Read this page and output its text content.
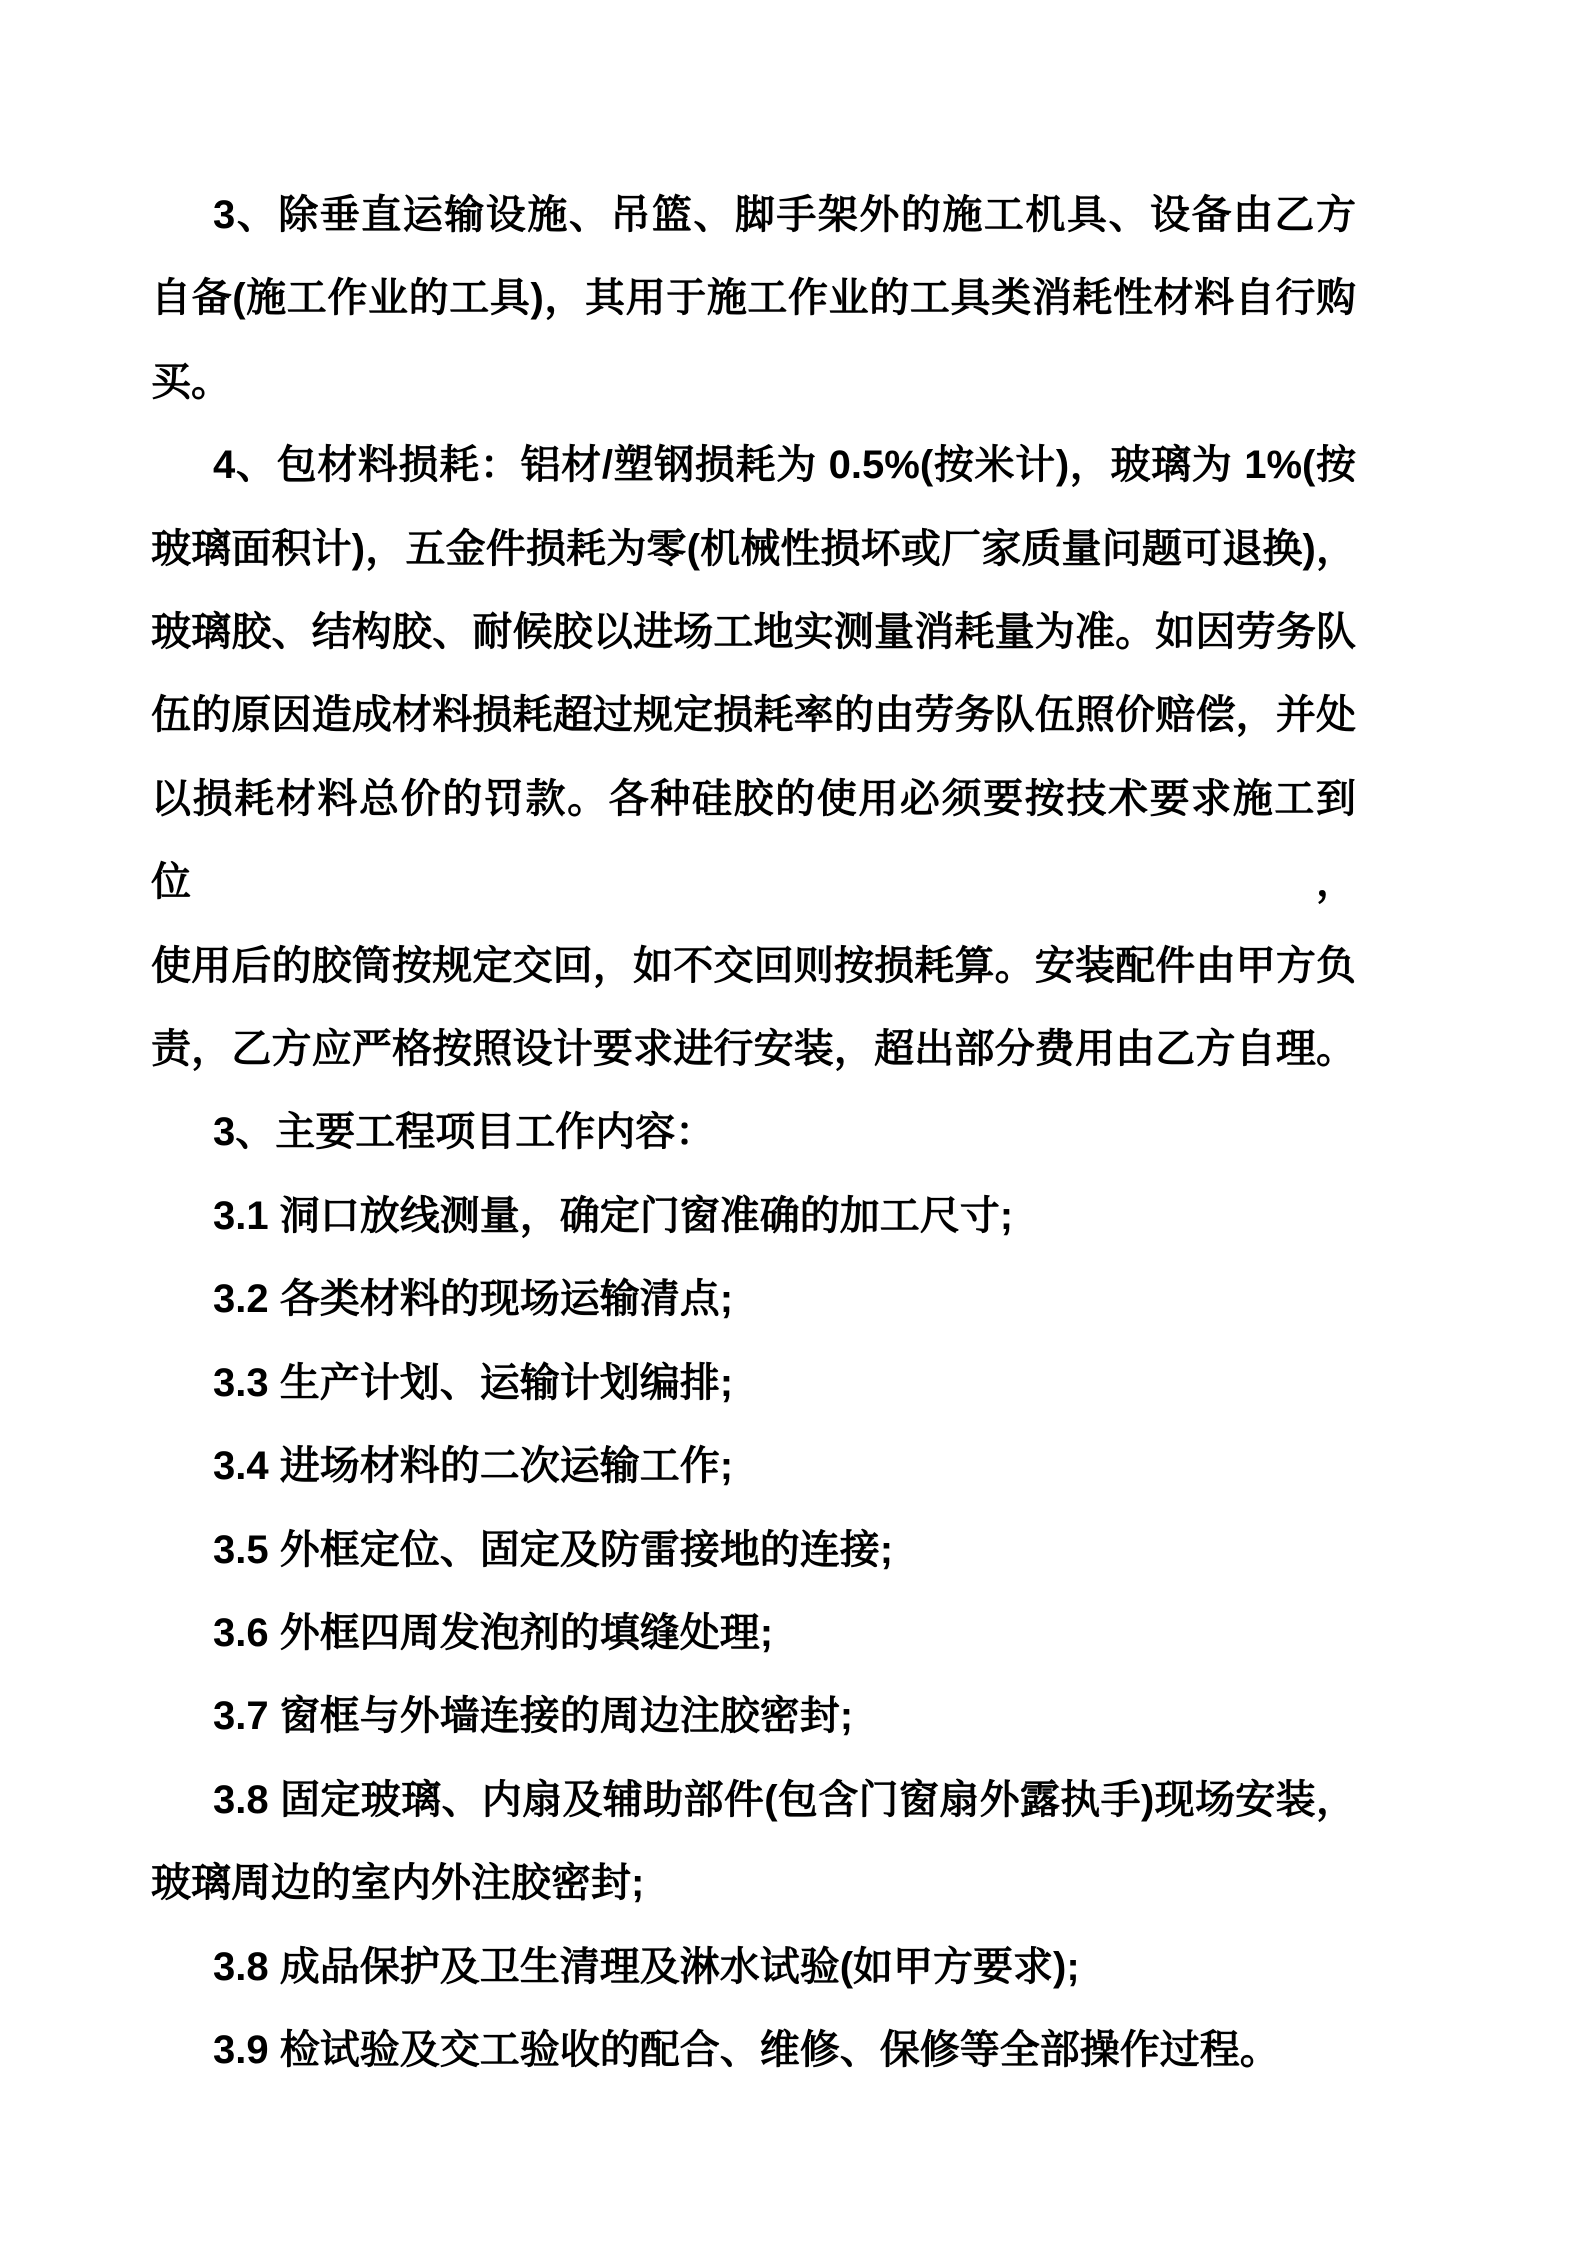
3、除垂直运输设施、吊篮、脚手架外的施工机具、设备由乙方
自备(施工作业的工具)，其用于施工作业的工具类消耗性材料自行购
买。
4、包材料损耗：铝材/塑钢损耗为 0.5%(按米计)，玻璃为 1%(按
玻璃面积计)，五金件损耗为零(机械性损坏或厂家质量问题可退换)，
玻璃胶、结构胶、耐候胶以进场工地实测量消耗量为准。如因劳务队
伍的原因造成材料损耗超过规定损耗率的由劳务队伍照价赔偿，并处
以损耗材料总价的罚款。各种硅胶的使用必须要按技术要求施工到位，
使用后的胶筒按规定交回，如不交回则按损耗算。安装配件由甲方负
责，乙方应严格按照设计要求进行安装，超出部分费用由乙方自理。
3、主要工程项目工作内容：
3.1 洞口放线测量，确定门窗准确的加工尺寸;
3.2 各类材料的现场运输清点;
3.3 生产计划、运输计划编排;
3.4 进场材料的二次运输工作;
3.5 外框定位、固定及防雷接地的连接;
3.6 外框四周发泡剂的填缝处理;
3.7 窗框与外墙连接的周边注胶密封;
3.8 固定玻璃、内扇及辅助部件(包含门窗扇外露执手)现场安装，
玻璃周边的室内外注胶密封;
3.8 成品保护及卫生清理及淋水试验(如甲方要求);
3.9 检试验及交工验收的配合、维修、保修等全部操作过程。
